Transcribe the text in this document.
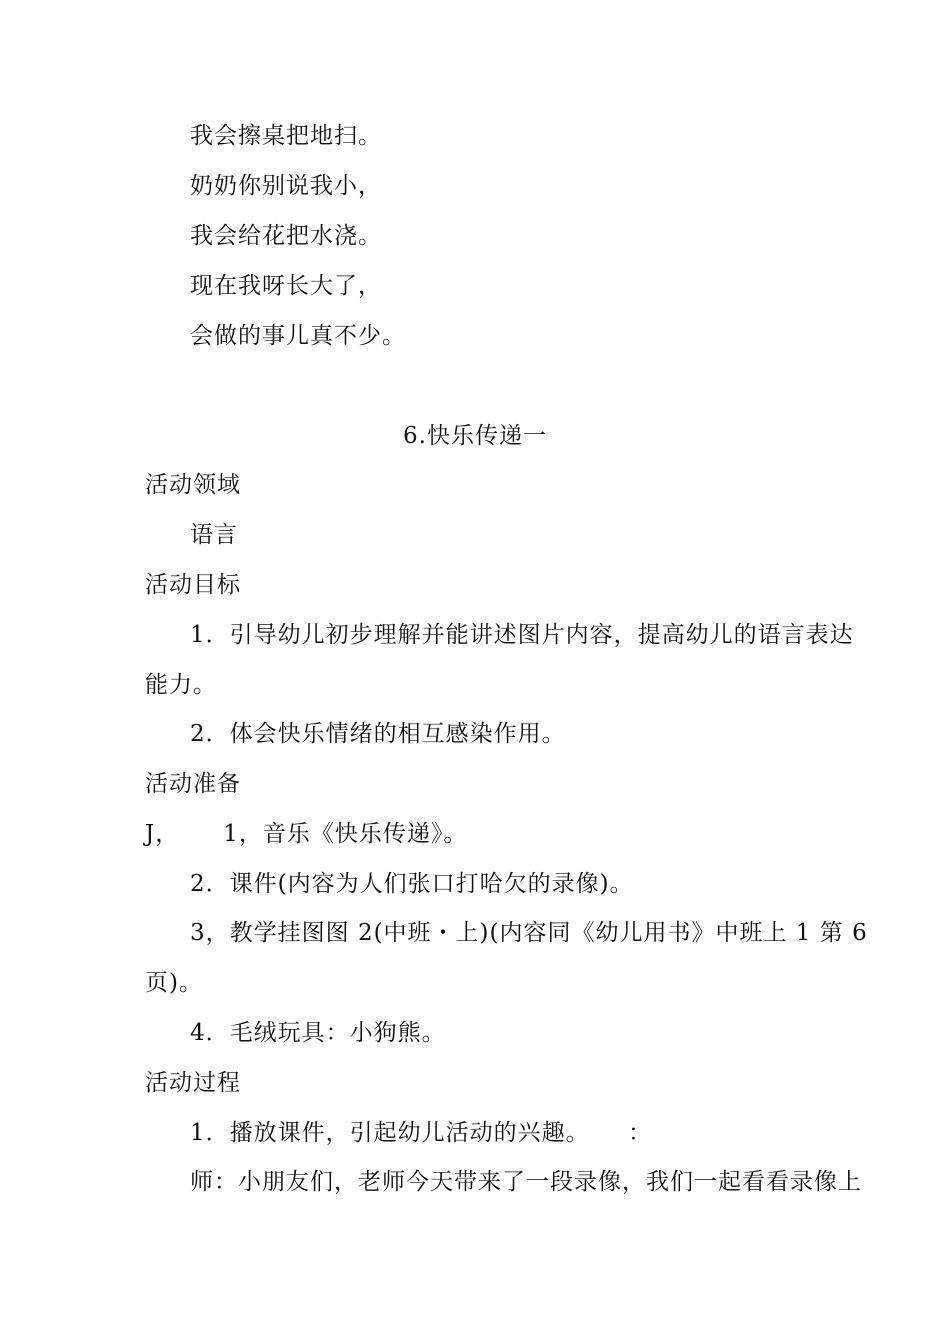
我会擦桌把地扫。
奶奶你别说我小，
我会给花把水浇。
现在我呀长大了，
会做的事儿真不少。
6.快乐传递一
活动领域
语言
活动目标
1．引导幼儿初步理解并能讲述图片内容，提高幼儿的语言表达
能力。
2．体会快乐情绪的相互感染作用。
活动准备
J， 1，音乐《快乐传递》。
2．课件(内容为人们张口打哈欠的录像)。
3，教学挂图图 2(中班・上)(内容同《幼儿用书》中班上 1 第 6
页)。
4．毛绒玩具：小狗熊。
活动过程
1．播放课件，引起幼儿活动的兴趣。 ：
师：小朋友们，老师今天带来了一段录像，我们一起看看录像上
